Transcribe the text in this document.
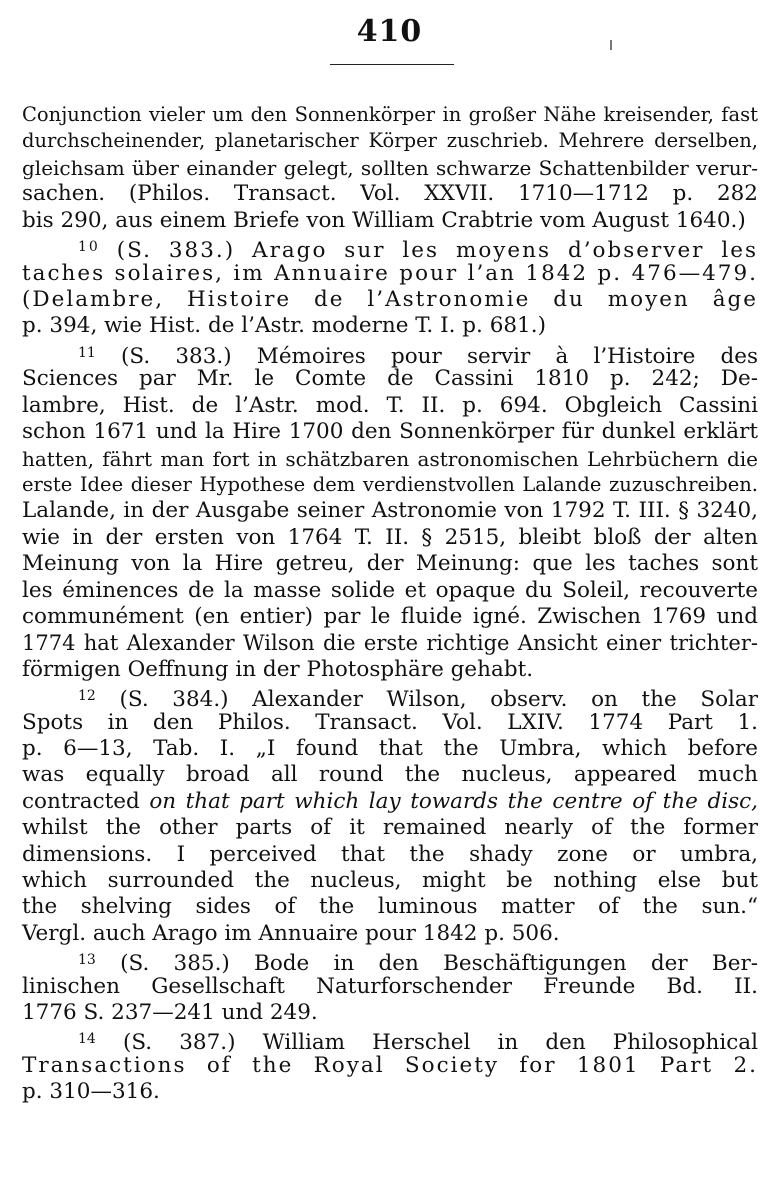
410
Conjunction vieler um den Sonnenkörper in großer Nähe kreisender, fast
durchscheinender, planetarischer Körper zuschrieb. Mehrere derselben,
gleichsam über einander gelegt, sollten schwarze Schattenbilder verur-
sachen. (Philos. Transact. Vol. XXVII. 1710—1712 p. 282
bis 290, aus einem Briefe von William Crabtrie vom August 1640.)
$^{10}$ (S. 383.) Arago sur les moyens d’observer les
taches solaires, im Annuaire pour l’an 1842 p. 476—479.
(Delambre, Histoire de l’Astronomie du moyen âge
p. 394, wie Hist. de l’Astr. moderne T. I. p. 681.)
$^{11}$ (S. 383.) Mémoires pour servir à l’Histoire des
Sciences par Mr. le Comte de Cassini 1810 p. 242; De-
lambre, Hist. de l’Astr. mod. T. II. p. 694. Obgleich Cassini
schon 1671 und la Hire 1700 den Sonnenkörper für dunkel erklärt
hatten, fährt man fort in schätzbaren astronomischen Lehrbüchern die
erste Idee dieser Hypothese dem verdienstvollen Lalande zuzuschreiben.
Lalande, in der Ausgabe seiner Astronomie von 1792 T. III. § 3240,
wie in der ersten von 1764 T. II. § 2515, bleibt bloß der alten
Meinung von la Hire getreu, der Meinung: que les taches sont
les éminences de la masse solide et opaque du Soleil, recouverte
communément (en entier) par le fluide igné. Zwischen 1769 und
1774 hat Alexander Wilson die erste richtige Ansicht einer trichter-
förmigen Oeffnung in der Photosphäre gehabt.
$^{12}$ (S. 384.) Alexander Wilson, observ. on the Solar
Spots in den Philos. Transact. Vol. LXIV. 1774 Part 1.
p. 6—13, Tab. I. „I found that the Umbra, which before
was equally broad all round the nucleus, appeared much
contracted on that part which lay towards the centre of the disc,
whilst the other parts of it remained nearly of the former
dimensions. I perceived that the shady zone or umbra,
which surrounded the nucleus, might be nothing else but
the shelving sides of the luminous matter of the sun.“
Vergl. auch Arago im Annuaire pour 1842 p. 506.
$^{13}$ (S. 385.) Bode in den Beschäftigungen der Ber-
linischen Gesellschaft Naturforschender Freunde Bd. II.
1776 S. 237—241 und 249.
$^{14}$ (S. 387.) William Herschel in den Philosophical
Transactions of the Royal Society for 1801 Part 2.
p. 310—316.
